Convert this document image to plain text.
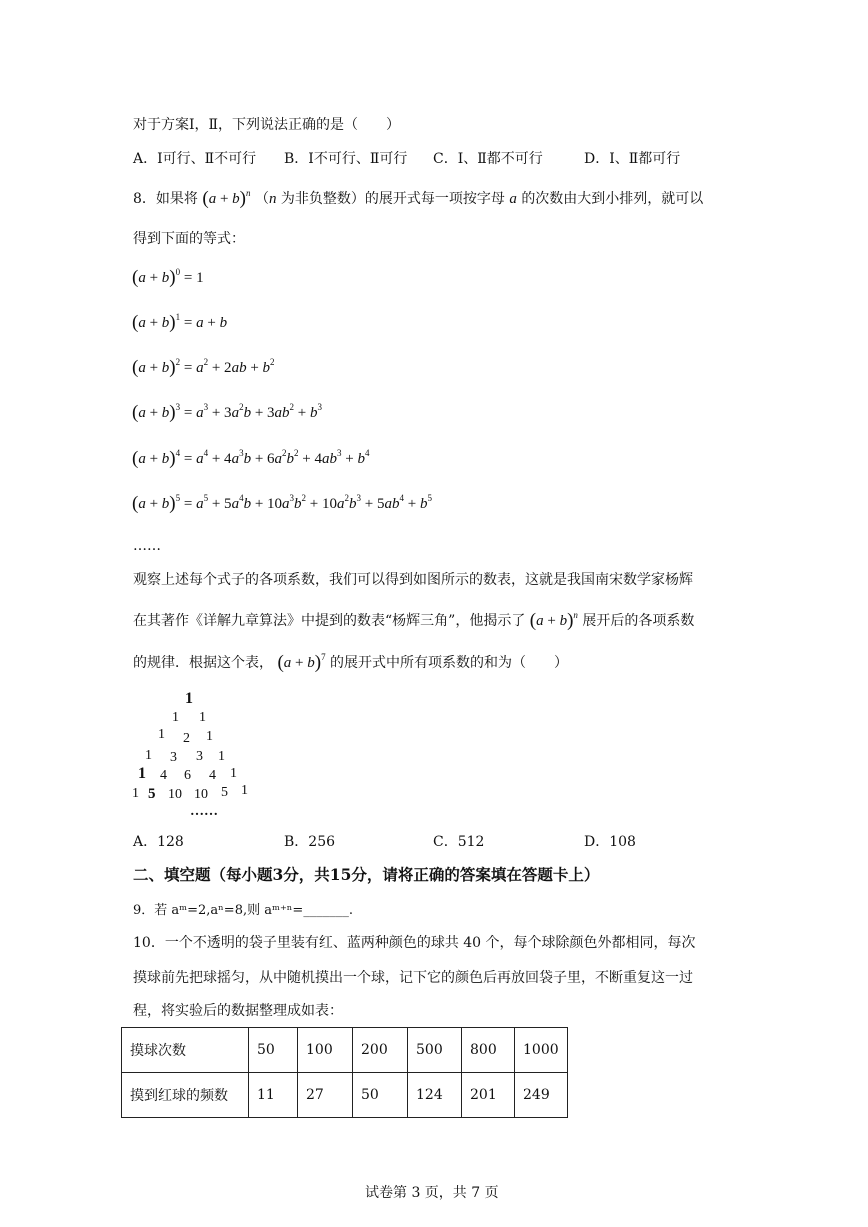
对于方案Ⅰ，Ⅱ，下列说法正确的是（　　）
A．Ⅰ可行、Ⅱ不可行 B．Ⅰ不可行、Ⅱ可行 C．Ⅰ、Ⅱ都不可行	D．Ⅰ、Ⅱ都可行
8．如果将 $(a + b)^n$ （n 为非负整数）的展开式每一项按字母 a 的次数由大到小排列，就可以
得到下面的等式：
$(a + b)^0 = 1$
$(a + b)^1 = a + b$
$(a + b)^2 = a^2 + 2ab + b^2$
$(a + b)^3 = a^3 + 3a^2b + 3ab^2 + b^3$
$(a + b)^4 = a^4 + 4a^3b + 6a^2b^2 + 4ab^3 + b^4$
$(a + b)^5 = a^5 + 5a^4b + 10a^3b^2 + 10a^2b^3 + 5ab^4 + b^5$
……
观察上述每个式子的各项系数，我们可以得到如图所示的数表，这就是我国南宋数学家杨辉
在其著作《详解九章算法》中提到的数表“杨辉三角”，他揭示了 $(a + b)^n$ 展开后的各项系数
的规律．根据这个表， $(a + b)^7$ 的展开式中所有项系数的和为（　　）
1
1 1
1 2 1
1 3 3 1
1 4 6 4 1
1 5 10 10 5 1
……
A．128	B．256	C．512	D．108
二、填空题（每小题3分，共15分，请将正确的答案填在答题卡上）
9．若 aᵐ=2,aⁿ=8,则 aᵐ⁺ⁿ=_______.
10．一个不透明的袋子里装有红、蓝两种颜色的球共 40 个，每个球除颜色外都相同，每次
摸球前先把球摇匀，从中随机摸出一个球，记下它的颜色后再放回袋子里，不断重复这一过
程，将实验后的数据整理成如表：
摸球次数	50	100	200	500	800	1000
摸到红球的频数	11	27	50	124	201	249
试卷第 3 页，共 7 页
